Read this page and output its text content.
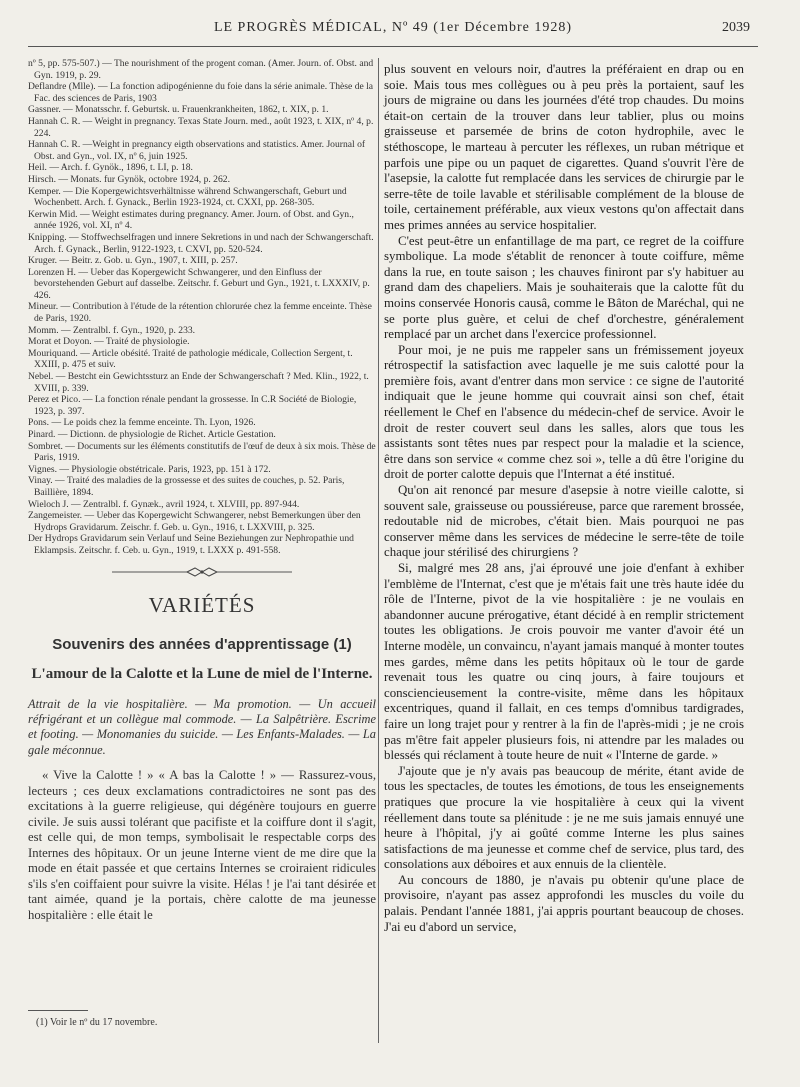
LE PROGRÈS MÉDICAL, Nº 49 (1er Décembre 1928)	2039

nº 5, pp. 575-507.) — The nourishment of the progent coman. (Amer. Journ. of. Obst. and Gyn. 1919, p. 29.

Deflandre (Mlle). — La fonction adipogénienne du foie dans la série animale. Thèse de la Fac. des sciences de Paris, 1903

Gassner. — Monatsschr. f. Geburtsk. u. Frauenkrankheiten, 1862, t. XIX, p. 1.

Hannah C. R. — Weight in pregnancy. Texas State Journ. med., août 1923, t. XIX, nº 4, p. 224.

Hannah C. R. —Weight in pregnancy eigth observations and statistics. Amer. Journal of Obst. and Gyn., vol. IX, nº 6, juin 1925.

Heil. — Arch. f. Gynök., 1896, t. LI, p. 18.

Hirsch. — Monats. fur Gynök, octobre 1924, p. 262.

Kemper. — Die Kopergewichtsverhältnisse während Schwangerschaft, Geburt und Wochenbett. Arch. f. Gynack., Berlin 1923-1924, ct. CXXI, pp. 268-305.

Kerwin Mid. — Weight estimates during pregnancy. Amer. Journ. of Obst. and Gyn., année 1926, vol. XI, nº 4.

Knipping. — Stoffwechselfragen und innere Sekretions in und nach der Schwangerschaft. Arch. f. Gynack., Berlin, 9122-1923, t. CXVI, pp. 520-524.

Kruger. — Beitr. z. Gob. u. Gyn., 1907, t. XIII, p. 257.

Lorenzen H. — Ueber das Kopergewicht Schwangerer, und den Einfluss der bevorstehenden Geburt auf dasselbe. Zeitschr. f. Geburt und Gyn., 1921, t. LXXXIV, p. 426.

Mineur. — Contribution à l'étude de la rétention chlorurée chez la femme enceinte. Thèse de Paris, 1920.

Momm. — Zentralbl. f. Gyn., 1920, p. 233.

Morat et Doyon. — Traité de physiologie.

Mouriquand. — Article obésité. Traité de pathologie médicale, Collection Sergent, t. XXIII, p. 475 et suiv.

Nebel. — Bestcht ein Gewichtssturz an Ende der Schwangerschaft ? Med. Klin., 1922, t. XVIII, p. 339.

Perez et Pico. — La fonction rénale pendant la grossesse. In C.R Société de Biologie, 1923, p. 397.

Pons. — Le poids chez la femme enceinte. Th. Lyon, 1926.

Pinard. — Dictionn. de physiologie de Richet. Article Gestation.

Sombret. — Documents sur les éléments constitutifs de l'œuf de deux à six mois. Thèse de Paris, 1919.

Vignes. — Physiologie obstétricale. Paris, 1923, pp. 151 à 172.

Vinay. — Traité des maladies de la grossesse et des suites de couches, p. 52. Paris, Baillière, 1894.

Wieloch J. — Zentralbl. f. Gynæk., avril 1924, t. XLVIII, pp. 897-944.

Zangemeister. — Ueber das Kopergewicht Schwangerer, nebst Bemerkungen über den Hydrops Gravidarum. Zeischr. f. Geb. u. Gyn., 1916, t. LXXVIII, p. 325.

Der Hydrops Gravidarum sein Verlauf und Seine Beziehungen zur Nephropathie und Eklampsis. Zeitschr. f. Ceb. u. Gyn., 1919, t. LXXX p. 491-558.

VARIÉTÉS
Souvenirs des années d'apprentissage (1)
L'amour de la Calotte et la Lune de miel de l'Interne.
Attrait de la vie hospitalière. — Ma promotion. — Un accueil réfrigérant et un collègue mal commode. — La Salpêtrière. Escrime et footing. — Monomanies du suicide. — Les Enfants-Malades. — La gale méconnue.

« Vive la Calotte ! » « A bas la Calotte ! » — Rassurez-vous, lecteurs ; ces deux exclamations contradictoires ne sont pas des excitations à la guerre religieuse, qui dégénère toujours en guerre civile. Je suis aussi tolérant que pacifiste et la coiffure dont il s'agit, est celle qui, de mon temps, symbolisait le respectable corps des Internes des hôpitaux. Or un jeune Interne vient de me dire que la mode en était passée et que certains Internes se croiraient ridicules s'ils s'en coiffaient pour suivre la visite. Hélas ! je l'ai tant désirée et tant aimée, quand je la portais, chère calotte de ma jeunesse hospitalière : elle était le

plus souvent en velours noir, d'autres la préféraient en drap ou en soie. Mais tous mes collègues ou à peu près la portaient, sauf les jours de migraine ou dans les journées d'été trop chaudes. Du moins était-on certain de la trouver dans leur tablier, plus ou moins graisseuse et parsemée de brins de coton hydrophile, avec le stéthoscope, le marteau à percuter les réflexes, un ruban métrique et parfois une pipe ou un paquet de cigarettes. Quand s'ouvrit l'ère de l'asepsie, la calotte fut remplacée dans les services de chirurgie par le serre-tête de toile lavable et stérilisable complément de la blouse de toile, certainement préférable, aux vieux vestons qu'on affectait dans mes primes années au service hospitalier.

C'est peut-être un enfantillage de ma part, ce regret de la coiffure symbolique. La mode s'établit de renoncer à toute coiffure, même dans la rue, en toute saison ; les chauves finiront par s'y habituer au grand dam des chapeliers. Mais je souhaiterais que la calotte fût du moins conservée Honoris causâ, comme le Bâton de Maréchal, qui ne se porte plus guère, et celui de chef d'orchestre, généralement remplacé par un archet dans l'exercice professionnel.

Pour moi, je ne puis me rappeler sans un frémissement joyeux rétrospectif la satisfaction avec laquelle je me suis calotté pour la première fois, avant d'entrer dans mon service : ce signe de l'autorité indiquait que le jeune homme qui couvrait ainsi son chef, était réellement le Chef en l'absence du médecin-chef de service. Avoir le droit de rester couvert seul dans les salles, alors que tous les assistants sont têtes nues par respect pour la maladie et la science, être dans son service « comme chez soi », telle a dû être l'origine du droit de porter calotte depuis que l'Internat a été institué.

Qu'on ait renoncé par mesure d'asepsie à notre vieille calotte, si souvent sale, graisseuse ou poussiéreuse, parce que rarement brossée, redoutable nid de microbes, c'était bien. Mais pourquoi ne pas conserver même dans les services de médecine le serre-tête de toile chaque jour stérilisé des chirurgiens ?

Si, malgré mes 28 ans, j'ai éprouvé une joie d'enfant à exhiber l'emblème de l'Internat, c'est que je m'étais fait une très haute idée du rôle de l'Interne, pivot de la vie hospitalière : je ne voulais en abandonner aucune prérogative, étant décidé à en remplir strictement toutes les obligations. Je crois pouvoir me vanter d'avoir été un Interne modèle, un convaincu, n'ayant jamais manqué à monter toutes mes gardes, même dans les petits hôpitaux où le tour de garde revenait tous les quatre ou cinq jours, à faire toujours et consciencieusement la contre-visite, même dans les hôpitaux excentriques, quand il fallait, en ces temps d'omnibus tardigrades, faire un long trajet pour y rentrer à la fin de l'après-midi ; je ne crois pas m'être fait appeler plusieurs fois, ni attendre par les malades ou blessés qui réclament à toute heure de nuit « l'Interne de garde. »

J'ajoute que je n'y avais pas beaucoup de mérite, étant avide de tous les spectacles, de toutes les émotions, de tous les enseignements pratiques que procure la vie hospitalière à ceux qui la vivent réellement dans toute sa plénitude : je ne me suis jamais ennuyé une heure à l'hôpital, j'y ai goûté comme Interne les plus saines satisfactions de ma jeunesse et comme chef de service, plus tard, des consolations aux déboires et aux ennuis de la clientèle.

Au concours de 1880, je n'avais pu obtenir qu'une place de provisoire, n'ayant pas assez approfondi les muscles du voile du palais. Pendant l'année 1881, j'ai appris pourtant beaucoup de choses. J'ai eu d'abord un service,

(1) Voir le nº du 17 novembre.
